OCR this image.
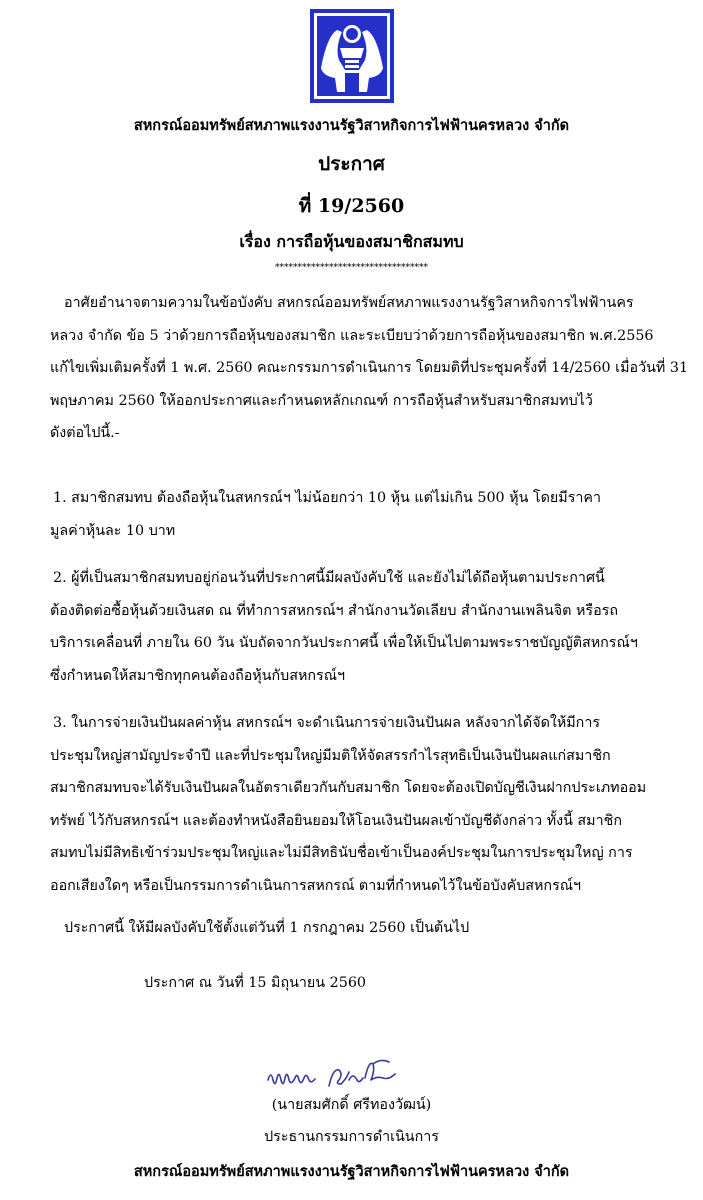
สหกรณ์ออมทรัพย์สหภาพแรงงานรัฐวิสาหกิจการไฟฟ้านครหลวง จำกัด
ประกาศ
ที่ 19/2560
เรื่อง การถือหุ้นของสมาชิกสมทบ
**********************************
อาศัยอำนาจตามความในข้อบังคับ สหกรณ์ออมทรัพย์สหภาพแรงงานรัฐวิสาหกิจการไฟฟ้านคร
หลวง จำกัด ข้อ 5 ว่าด้วยการถือหุ้นของสมาชิก และระเบียบว่าด้วยการถือหุ้นของสมาชิก พ.ศ.2556
แก้ไขเพิ่มเติมครั้งที่ 1 พ.ศ. 2560 คณะกรรมการดำเนินการ โดยมติที่ประชุมครั้งที่ 14/2560 เมื่อวันที่ 31
พฤษภาคม 2560 ให้ออกประกาศและกำหนดหลักเกณฑ์ การถือหุ้นสำหรับสมาชิกสมทบไว้
ดังต่อไปนี้.-
1. สมาชิกสมทบ ต้องถือหุ้นในสหกรณ์ฯ ไม่น้อยกว่า 10 หุ้น แต่ไม่เกิน 500 หุ้น โดยมีราคา
มูลค่าหุ้นละ 10 บาท
2. ผู้ที่เป็นสมาชิกสมทบอยู่ก่อนวันที่ประกาศนี้มีผลบังคับใช้ และยังไม่ได้ถือหุ้นตามประกาศนี้
ต้องติดต่อซื้อหุ้นด้วยเงินสด ณ ที่ทำการสหกรณ์ฯ สำนักงานวัดเลียบ สำนักงานเพลินจิต หรือรถ
บริการเคลื่อนที่ ภายใน 60 วัน นับถัดจากวันประกาศนี้ เพื่อให้เป็นไปตามพระราชบัญญัติสหกรณ์ฯ
ซึ่งกำหนดให้สมาชิกทุกคนต้องถือหุ้นกับสหกรณ์ฯ
3. ในการจ่ายเงินปันผลค่าหุ้น สหกรณ์ฯ จะดำเนินการจ่ายเงินปันผล หลังจากได้จัดให้มีการ
ประชุมใหญ่สามัญประจำปี และที่ประชุมใหญ่มีมติให้จัดสรรกำไรสุทธิเป็นเงินปันผลแก่สมาชิก
สมาชิกสมทบจะได้รับเงินปันผลในอัตราเดียวกันกับสมาชิก โดยจะต้องเปิดบัญชีเงินฝากประเภทออม
ทรัพย์ ไว้กับสหกรณ์ฯ และต้องทำหนังสือยินยอมให้โอนเงินปันผลเข้าบัญชีดังกล่าว ทั้งนี้ สมาชิก
สมทบไม่มีสิทธิเข้าร่วมประชุมใหญ่และไม่มีสิทธินับชื่อเข้าเป็นองค์ประชุมในการประชุมใหญ่ การ
ออกเสียงใดๆ หรือเป็นกรรมการดำเนินการสหกรณ์ ตามที่กำหนดไว้ในข้อบังคับสหกรณ์ฯ
ประกาศนี้ ให้มีผลบังคับใช้ตั้งแต่วันที่ 1 กรกฎาคม 2560 เป็นต้นไป
ประกาศ ณ วันที่ 15 มิถุนายน 2560
(นายสมศักดิ์ ศรีทองวัฒน์)
ประธานกรรมการดำเนินการ
สหกรณ์ออมทรัพย์สหภาพแรงงานรัฐวิสาหกิจการไฟฟ้านครหลวง จำกัด
